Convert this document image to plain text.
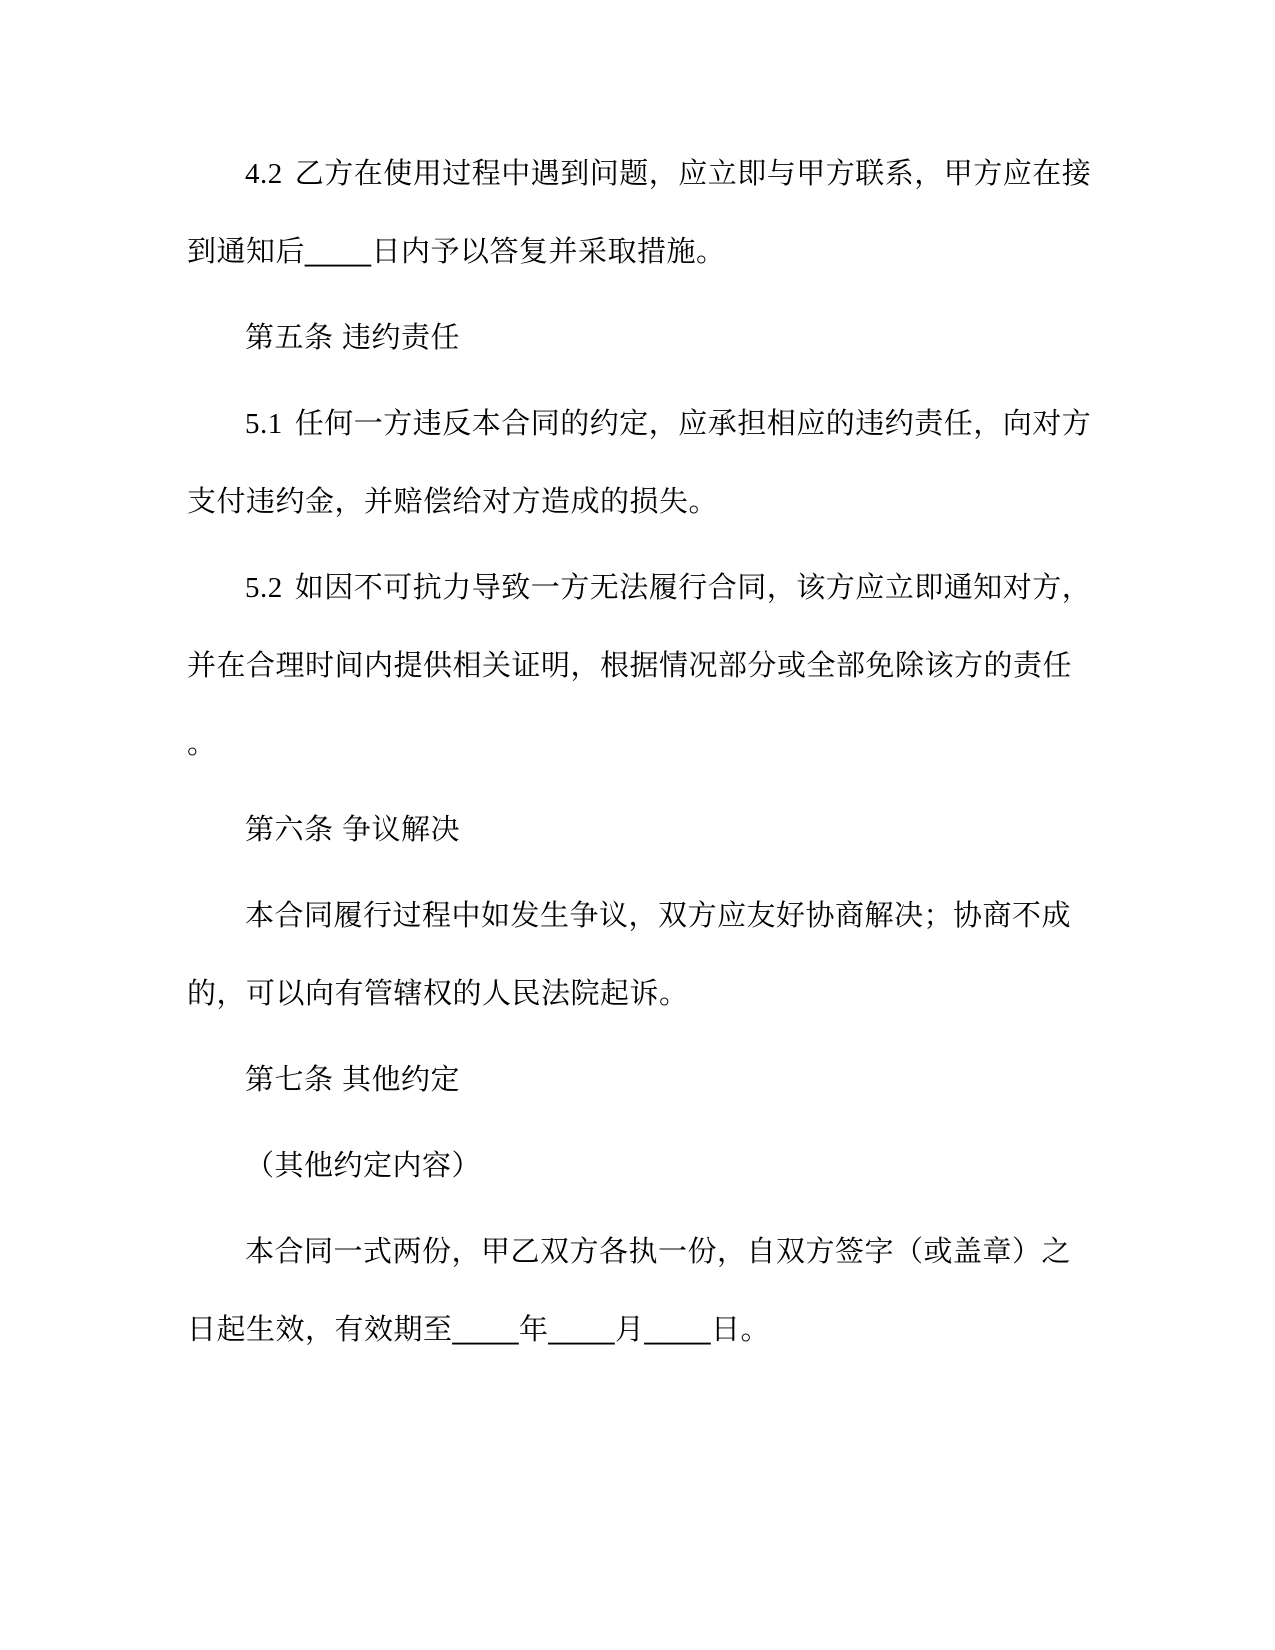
4.2 乙方在使用过程中遇到问题，应立即与甲方联系，甲方应在接
到通知后____日内予以答复并采取措施。

第五条 违约责任

5.1 任何一方违反本合同的约定，应承担相应的违约责任，向对方
支付违约金，并赔偿给对方造成的损失。

5.2 如因不可抗力导致一方无法履行合同，该方应立即通知对方，
并在合理时间内提供相关证明，根据情况部分或全部免除该方的责任
。

第六条 争议解决

本合同履行过程中如发生争议，双方应友好协商解决；协商不成
的，可以向有管辖权的人民法院起诉。

第七条 其他约定

（其他约定内容）

本合同一式两份，甲乙双方各执一份，自双方签字（或盖章）之
日起生效，有效期至____年____月____日。
